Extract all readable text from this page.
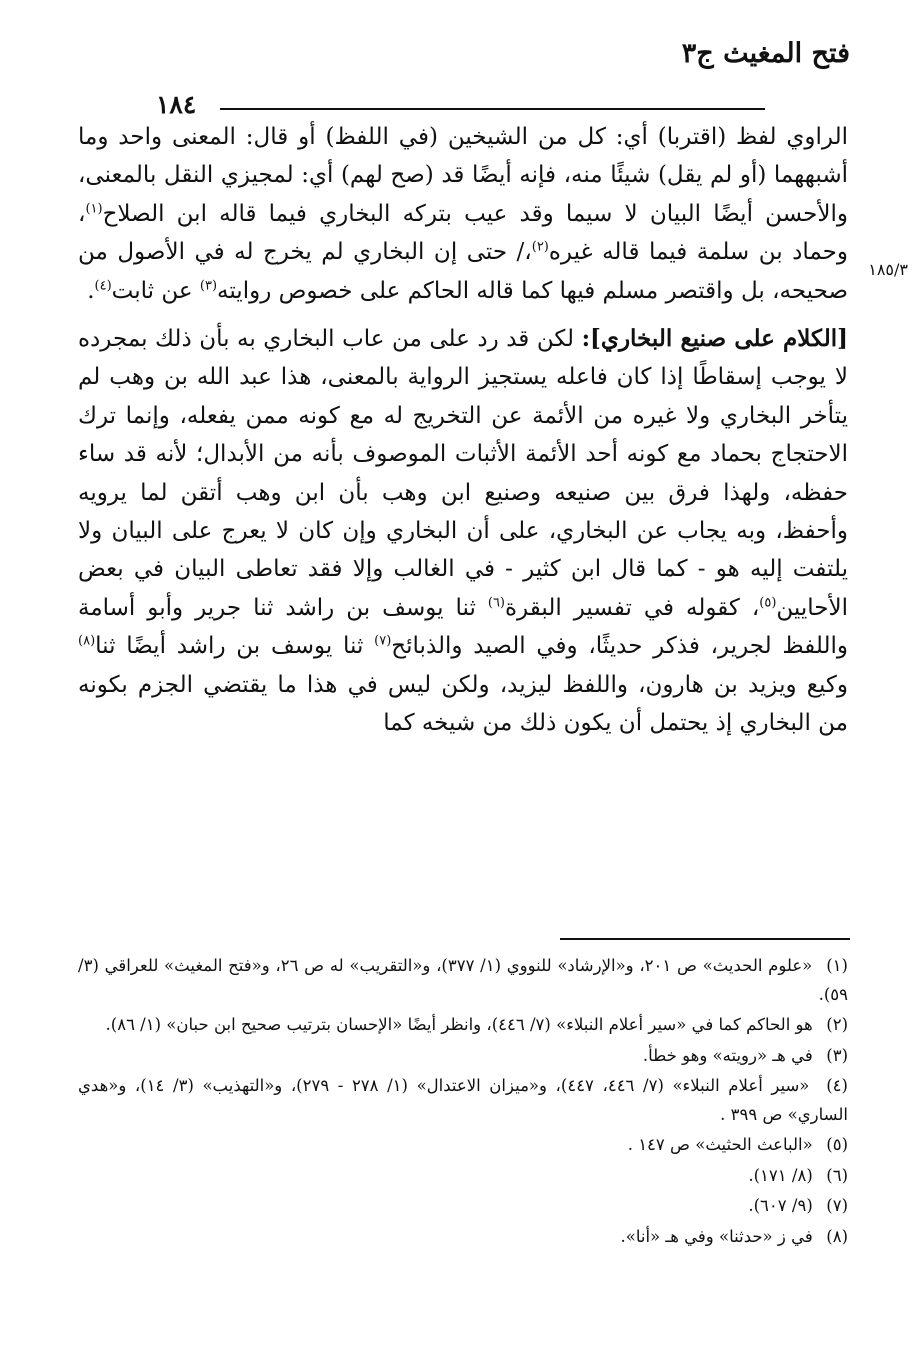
فتح المغيث ج٣
١٨٤
١٨٥/٣

الراوي لفظ (اقتربا) أي: كل من الشيخين (في اللفظ) أو قال: المعنى واحد وما أشبههما (أو لم يقل) شيئًا منه، فإنه أيضًا قد (صح لهم) أي: لمجيزي النقل بالمعنى، والأحسن أيضًا البيان لا سيما وقد عيب بتركه البخاري فيما قاله ابن الصلاح$^{(١)}$، وحماد بن سلمة فيما قاله غيره$^{(٢)}$،/ حتى إن البخاري لم يخرج له في الأصول من صحيحه، بل واقتصر مسلم فيها كما قاله الحاكم على خصوص روايته$^{(٣)}$ عن ثابت$^{(٤)}$.

[الكلام على صنيع البخاري]: لكن قد رد على من عاب البخاري به بأن ذلك بمجرده لا يوجب إسقاطًا إذا كان فاعله يستجيز الرواية بالمعنى، هذا عبد الله بن وهب لم يتأخر البخاري ولا غيره من الأئمة عن التخريج له مع كونه ممن يفعله، وإنما ترك الاحتجاج بحماد مع كونه أحد الأئمة الأثبات الموصوف بأنه من الأبدال؛ لأنه قد ساء حفظه، ولهذا فرق بين صنيعه وصنيع ابن وهب بأن ابن وهب أتقن لما يرويه وأحفظ، وبه يجاب عن البخاري، على أن البخاري وإن كان لا يعرج على البيان ولا يلتفت إليه هو - كما قال ابن كثير - في الغالب وإلا فقد تعاطى البيان في بعض الأحايين$^{(٥)}$، كقوله في تفسير البقرة$^{(٦)}$ ثنا يوسف بن راشد ثنا جرير وأبو أسامة واللفظ لجرير، فذكر حديثًا، وفي الصيد والذبائح$^{(٧)}$ ثنا يوسف بن راشد أيضًا ثنا$^{(٨)}$ وكيع ويزيد بن هارون، واللفظ ليزيد، ولكن ليس في هذا ما يقتضي الجزم بكونه من البخاري إذ يحتمل أن يكون ذلك من شيخه كما

(١) «علوم الحديث» ص ٢٠١، و«الإرشاد» للنووي (١/ ٣٧٧)، و«التقريب» له ص ٢٦، و«فتح المغيث» للعراقي (٣/ ٥٩).

(٢) هو الحاكم كما في «سير أعلام النبلاء» (٧/ ٤٤٦)، وانظر أيضًا «الإحسان بترتيب صحيح ابن حبان» (١/ ٨٦).

(٣) في هـ «رويته» وهو خطأ.

(٤) «سير أعلام النبلاء» (٧/ ٤٤٦، ٤٤٧)، و«ميزان الاعتدال» (١/ ٢٧٨ - ٢٧٩)، و«التهذيب» (٣/ ١٤)، و«هدي الساري» ص ٣٩٩ .

(٥) «الباعث الحثيث» ص ١٤٧ .

(٦) (٨/ ١٧١).

(٧) (٩/ ٦٠٧).

(٨) في ز «حدثنا» وفي هـ «أنا».
